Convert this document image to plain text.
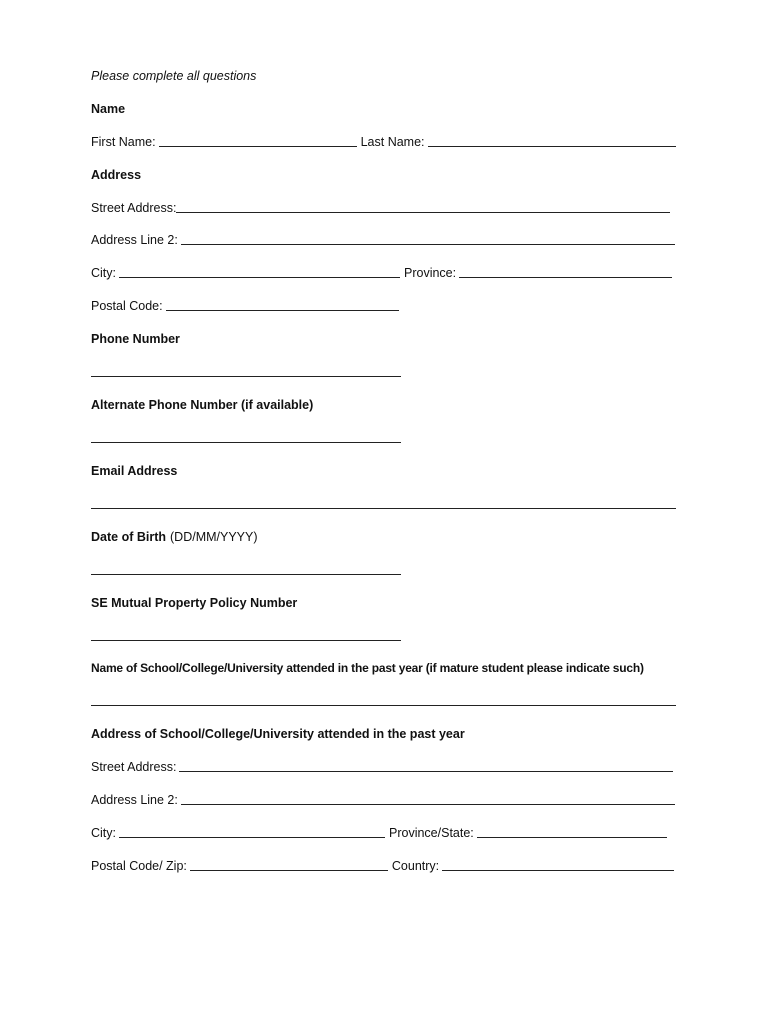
Please complete all questions
Name
First Name:	Last Name:
Address
Street Address:
Address Line 2:
City:	Province:
Postal Code:
Phone Number
Alternate Phone Number (if available)
Email Address
Date of Birth (DD/MM/YYYY)
SE Mutual Property Policy Number
Name of School/College/University attended in the past year (if mature student please indicate such)
Address of School/College/University attended in the past year
Street Address:
Address Line 2:
City:	Province/State:
Postal Code/ Zip:	Country:
